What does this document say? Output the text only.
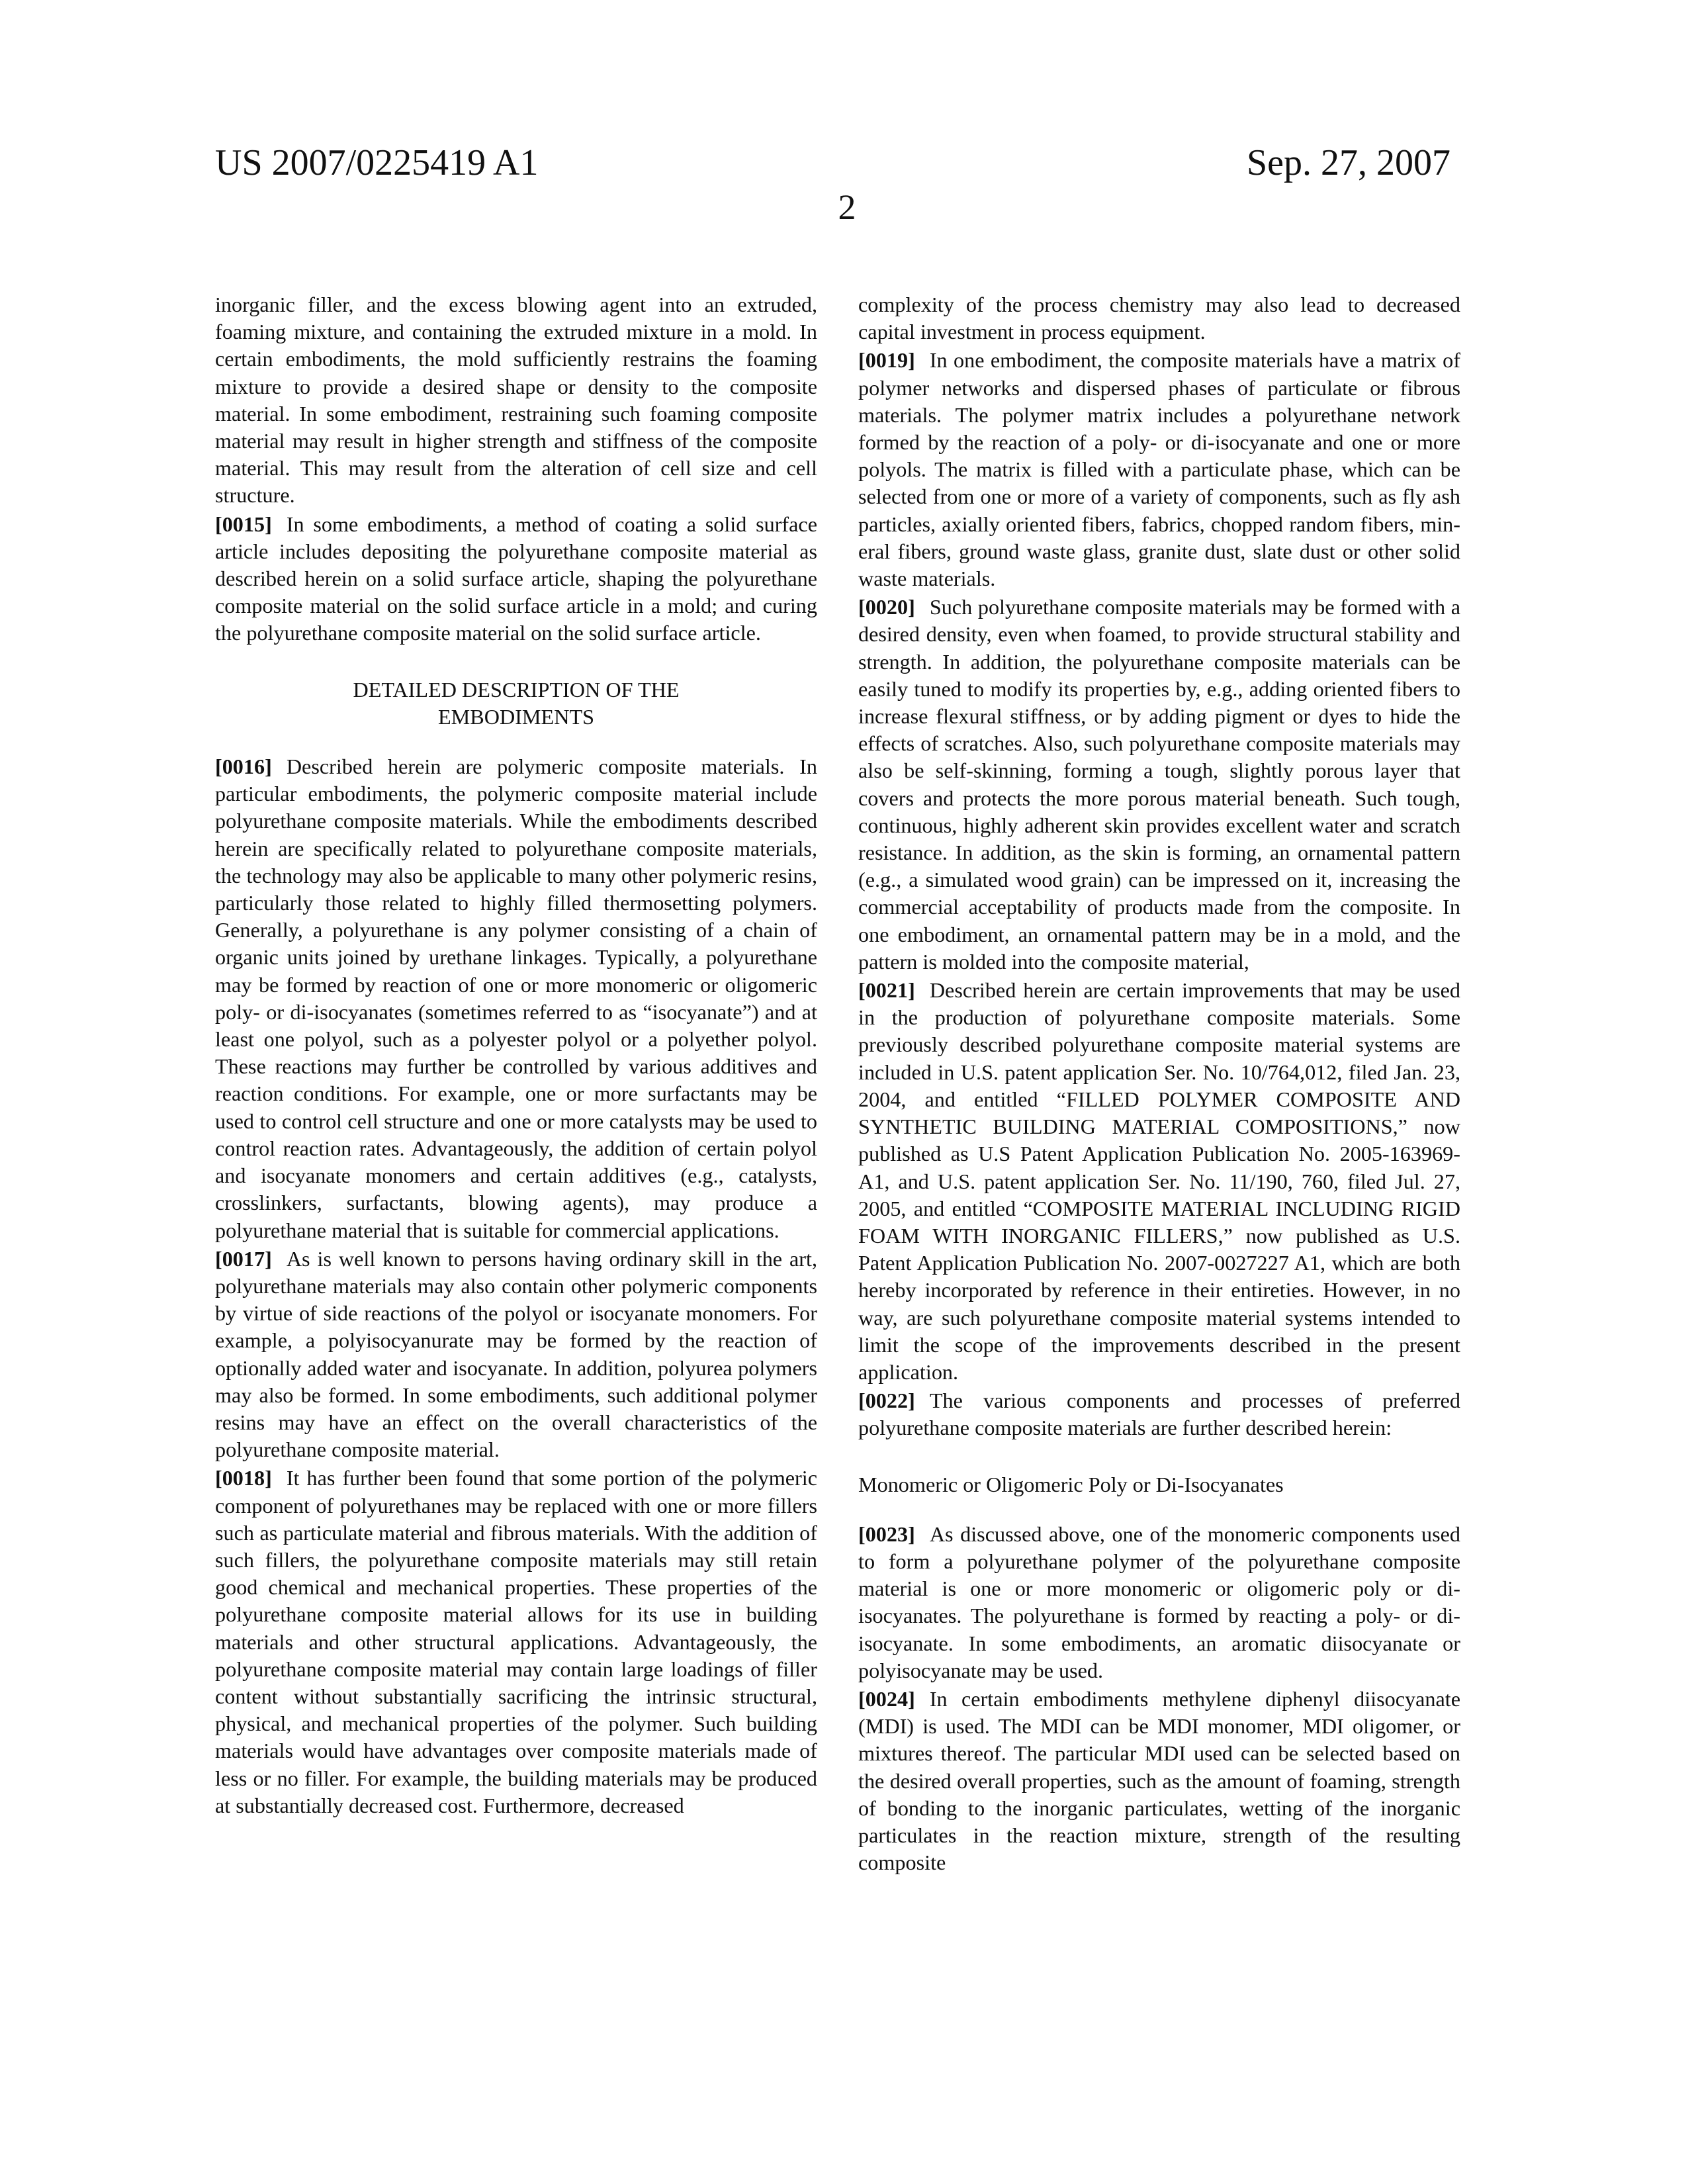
US 2007/0225419 A1	Sep. 27, 2007
2

inorganic filler, and the excess blowing agent into an extruded, foaming mixture, and containing the extruded mixture in a mold. In certain embodiments, the mold suffi­ciently restrains the foaming mixture to provide a desired shape or density to the composite material. In some embodi­ment, restraining such foaming composite material may result in higher strength and stiffness of the composite material. This may result from the alteration of cell size and cell structure.

[0015] In some embodiments, a method of coating a solid surface article includes depositing the polyurethane com­posite material as described herein on a solid surface article, shaping the polyurethane composite material on the solid surface article in a mold; and curing the polyurethane composite material on the solid surface article.

DETAILED DESCRIPTION OF THE
EMBODIMENTS

[0016] Described herein are polymeric composite materi­als. In particular embodiments, the polymeric composite material include polyurethane composite materials. While the embodiments described herein are specifically related to polyurethane composite materials, the technology may also be applicable to many other polymeric resins, particularly those related to highly filled thermosetting polymers. Gen­erally, a polyurethane is any polymer consisting of a chain of organic units joined by urethane linkages. Typically, a polyurethane may be formed by reaction of one or more monomeric or oligomeric poly- or di-isocyanates (some­times referred to as “isocyanate”) and at least one polyol, such as a polyester polyol or a polyether polyol. These reactions may further be controlled by various additives and reaction conditions. For example, one or more surfactants may be used to control cell structure and one or more catalysts may be used to control reaction rates. Advanta­geously, the addition of certain polyol and isocyanate mono­mers and certain additives (e.g., catalysts, crosslinkers, surfactants, blowing agents), may produce a polyurethane material that is suitable for commercial applications.

[0017] As is well known to persons having ordinary skill in the art, polyurethane materials may also contain other polymeric components by virtue of side reactions of the polyol or isocyanate monomers. For example, a polyisocya­nurate may be formed by the reaction of optionally added water and isocyanate. In addition, polyurea polymers may also be formed. In some embodiments, such additional polymer resins may have an effect on the overall character­istics of the polyurethane composite material.

[0018] It has further been found that some portion of the polymeric component of polyurethanes may be replaced with one or more fillers such as particulate material and fibrous materials. With the addition of such fillers, the polyurethane composite materials may still retain good chemical and mechanical properties. These properties of the polyurethane composite material allows for its use in build­ing materials and other structural applications. Advanta­geously, the polyurethane composite material may contain large loadings of filler content without substantially sacri­ficing the intrinsic structural, physical, and mechanical prop­erties of the polymer. Such building materials would have advantages over composite materials made of less or no filler. For example, the building materials may be produced at substantially decreased cost. Furthermore, decreased

complexity of the process chemistry may also lead to decreased capital investment in process equipment.

[0019] In one embodiment, the composite materials have a matrix of polymer networks and dispersed phases of particulate or fibrous materials. The polymer matrix includes a polyurethane network formed by the reaction of a poly- or di-isocyanate and one or more polyols. The matrix is filled with a particulate phase, which can be selected from one or more of a variety of components, such as fly ash particles, axially oriented fibers, fabrics, chopped random fibers, min­eral fibers, ground waste glass, granite dust, slate dust or other solid waste materials.

[0020] Such polyurethane composite materials may be formed with a desired density, even when foamed, to provide structural stability and strength. In addition, the polyure­thane composite materials can be easily tuned to modify its properties by, e.g., adding oriented fibers to increase flexural stiffness, or by adding pigment or dyes to hide the effects of scratches. Also, such polyurethane composite materials may also be self-skinning, forming a tough, slightly porous layer that covers and protects the more porous material beneath. Such tough, continuous, highly adherent skin provides excellent water and scratch resistance. In addition, as the skin is forming, an ornamental pattern (e.g., a simulated wood grain) can be impressed on it, increasing the commer­cial acceptability of products made from the composite. In one embodiment, an ornamental pattern may be in a mold, and the pattern is molded into the composite material,

[0021] Described herein are certain improvements that may be used in the production of polyurethane composite materials. Some previously described polyurethane compos­ite material systems are included in U.S. patent application Ser. No. 10/764,012, filed Jan. 23, 2004, and entitled “FILLED POLYMER COMPOSITE AND SYNTHETIC BUILDING MATERIAL COMPOSITIONS,” now pub­lished as U.S Patent Application Publication No. 2005-163969-A1, and U.S. patent application Ser. No. 11/190, 760, filed Jul. 27, 2005, and entitled “COMPOSITE MATERIAL INCLUDING RIGID FOAM WITH INOR­GANIC FILLERS,” now published as U.S. Patent Applica­tion Publication No. 2007-0027227 A1, which are both hereby incorporated by reference in their entireties. How­ever, in no way, are such polyurethane composite material systems intended to limit the scope of the improvements described in the present application.

[0022] The various components and processes of preferred polyurethane composite materials are further described herein:

Monomeric or Oligomeric Poly or Di-Isocyanates

[0023] As discussed above, one of the monomeric com­ponents used to form a polyurethane polymer of the poly­urethane composite material is one or more monomeric or oligomeric poly or di-isocyanates. The polyurethane is formed by reacting a poly- or di-isocyanate. In some embodiments, an aromatic diisocyanate or polyisocyanate may be used.

[0024] In certain embodiments methylene diphenyl diiso­cyanate (MDI) is used. The MDI can be MDI monomer, MDI oligomer, or mixtures thereof. The particular MDI used can be selected based on the desired overall properties, such as the amount of foaming, strength of bonding to the inorganic particulates, wetting of the inorganic particulates in the reaction mixture, strength of the resulting composite
